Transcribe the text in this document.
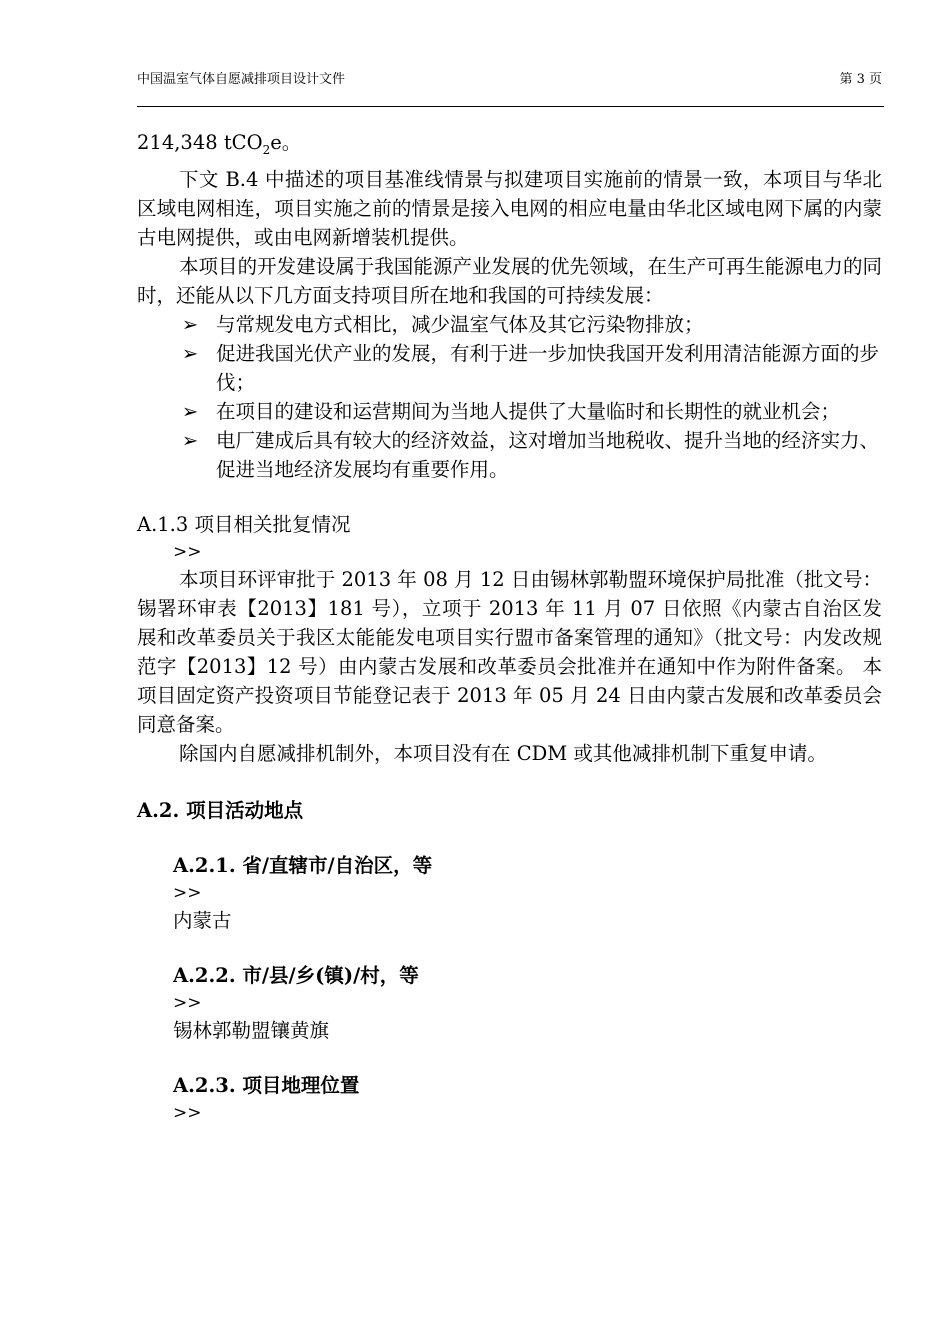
中国温室气体自愿减排项目设计文件	第 3 页

214,348 tCO$_2$e。

下文 B.4 中描述的项目基准线情景与拟建项目实施前的情景一致，本项目与华北区域电网相连，项目实施之前的情景是接入电网的相应电量由华北区域电网下属的内蒙古电网提供，或由电网新增装机提供。

本项目的开发建设属于我国能源产业发展的优先领域，在生产可再生能源电力的同时，还能从以下几方面支持项目所在地和我国的可持续发展：

➢ 与常规发电方式相比，减少温室气体及其它污染物排放；
➢ 促进我国光伏产业的发展，有利于进一步加快我国开发利用清洁能源方面的步伐；
➢ 在项目的建设和运营期间为当地人提供了大量临时和长期性的就业机会；
➢ 电厂建成后具有较大的经济效益，这对增加当地税收、提升当地的经济实力、促进当地经济发展均有重要作用。

A.1.3 项目相关批复情况

>>

本项目环评审批于 2013 年 08 月 12 日由锡林郭勒盟环境保护局批准（批文号：锡署环审表【2013】181 号），立项于 2013 年 11 月 07 日依照《内蒙古自治区发展和改革委员关于我区太能能发电项目实行盟市备案管理的通知》（批文号：内发改规范字【2013】12 号）由内蒙古发展和改革委员会批准并在通知中作为附件备案。 本项目固定资产投资项目节能登记表于 2013 年 05 月 24 日由内蒙古发展和改革委员会同意备案。

除国内自愿减排机制外，本项目没有在 CDM 或其他减排机制下重复申请。

A.2. 项目活动地点

A.2.1. 省/直辖市/自治区，等

>>

内蒙古

A.2.2. 市/县/乡(镇)/村，等

>>

锡林郭勒盟镶黄旗

A.2.3. 项目地理位置

>>
